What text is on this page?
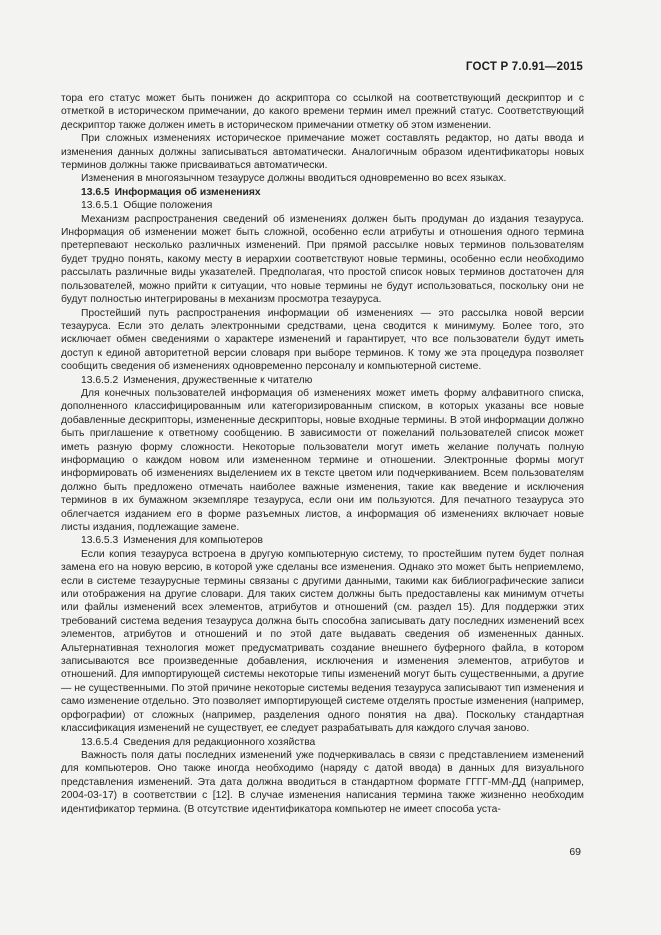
ГОСТ Р 7.0.91—2015

тора его статус может быть понижен до аскриптора со ссылкой на соответствующий дескриптор и с отметкой в историческом примечании, до какого времени термин имел прежний статус. Соответствующий дескриптор также должен иметь в историческом примечании отметку об этом изменении.

При сложных изменениях историческое примечание может составлять редактор, но даты ввода и изменения данных должны записываться автоматически. Аналогичным образом идентификаторы новых терминов должны также присваиваться автоматически.

Изменения в многоязычном тезаурусе должны вводиться одновременно во всех языках.

13.6.5 Информация об изменениях
13.6.5.1 Общие положения

Механизм распространения сведений об изменениях должен быть продуман до издания тезауруса. Информация об изменении может быть сложной, особенно если атрибуты и отношения одного термина претерпевают несколько различных изменений. При прямой рассылке новых терминов пользователям будет трудно понять, какому месту в иерархии соответствуют новые термины, особенно если необходимо рассылать различные виды указателей. Предполагая, что простой список новых терминов достаточен для пользователей, можно прийти к ситуации, что новые термины не будут использоваться, поскольку они не будут полностью интегрированы в механизм просмотра тезауруса.

Простейший путь распространения информации об изменениях — это рассылка новой версии тезауруса. Если это делать электронными средствами, цена сводится к минимуму. Более того, это исключает обмен сведениями о характере изменений и гарантирует, что все пользователи будут иметь доступ к единой авторитетной версии словаря при выборе терминов. К тому же эта процедура позволяет сообщить сведения об изменениях одновременно персоналу и компьютерной системе.

13.6.5.2 Изменения, дружественные к читателю

Для конечных пользователей информация об изменениях может иметь форму алфавитного списка, дополненного классифицированным или категоризированным списком, в которых указаны все новые добавленные дескрипторы, измененные дескрипторы, новые входные термины. В этой информации должно быть приглашение к ответному сообщению. В зависимости от пожеланий пользователей список может иметь разную форму сложности. Некоторые пользователи могут иметь желание получать полную информацию о каждом новом или измененном термине и отношении. Электронные формы могут информировать об изменениях выделением их в тексте цветом или подчеркиванием. Всем пользователям должно быть предложено отмечать наиболее важные изменения, такие как введение и исключения терминов в их бумажном экземпляре тезауруса, если они им пользуются. Для печатного тезауруса это облегчается изданием его в форме разъемных листов, а информация об изменениях включает новые листы издания, подлежащие замене.

13.6.5.3 Изменения для компьютеров

Если копия тезауруса встроена в другую компьютерную систему, то простейшим путем будет полная замена его на новую версию, в которой уже сделаны все изменения. Однако это может быть неприемлемо, если в системе тезаурусные термины связаны с другими данными, такими как библиографические записи или отображения на другие словари. Для таких систем должны быть предоставлены как минимум отчеты или файлы изменений всех элементов, атрибутов и отношений (см. раздел 15). Для поддержки этих требований система ведения тезауруса должна быть способна записывать дату последних изменений всех элементов, атрибутов и отношений и по этой дате выдавать сведения об измененных данных. Альтернативная технология может предусматривать создание внешнего буферного файла, в котором записываются все произведенные добавления, исключения и изменения элементов, атрибутов и отношений. Для импортирующей системы некоторые типы изменений могут быть существенными, а другие — не существенными. По этой причине некоторые системы ведения тезауруса записывают тип изменения и само изменение отдельно. Это позволяет импортирующей системе отделять простые изменения (например, орфографии) от сложных (например, разделения одного понятия на два). Поскольку стандартная классификация изменений не существует, ее следует разрабатывать для каждого случая заново.

13.6.5.4 Сведения для редакционного хозяйства

Важность поля даты последних изменений уже подчеркивалась в связи с представлением изменений для компьютеров. Оно также иногда необходимо (наряду с датой ввода) в данных для визуального представления изменений. Эта дата должна вводиться в стандартном формате ГГГГ-ММ-ДД (например, 2004-03-17) в соответствии с [12]. В случае изменения написания термина также жизненно необходим идентификатор термина. (В отсутствие идентификатора компьютер не имеет способа уста-

69
